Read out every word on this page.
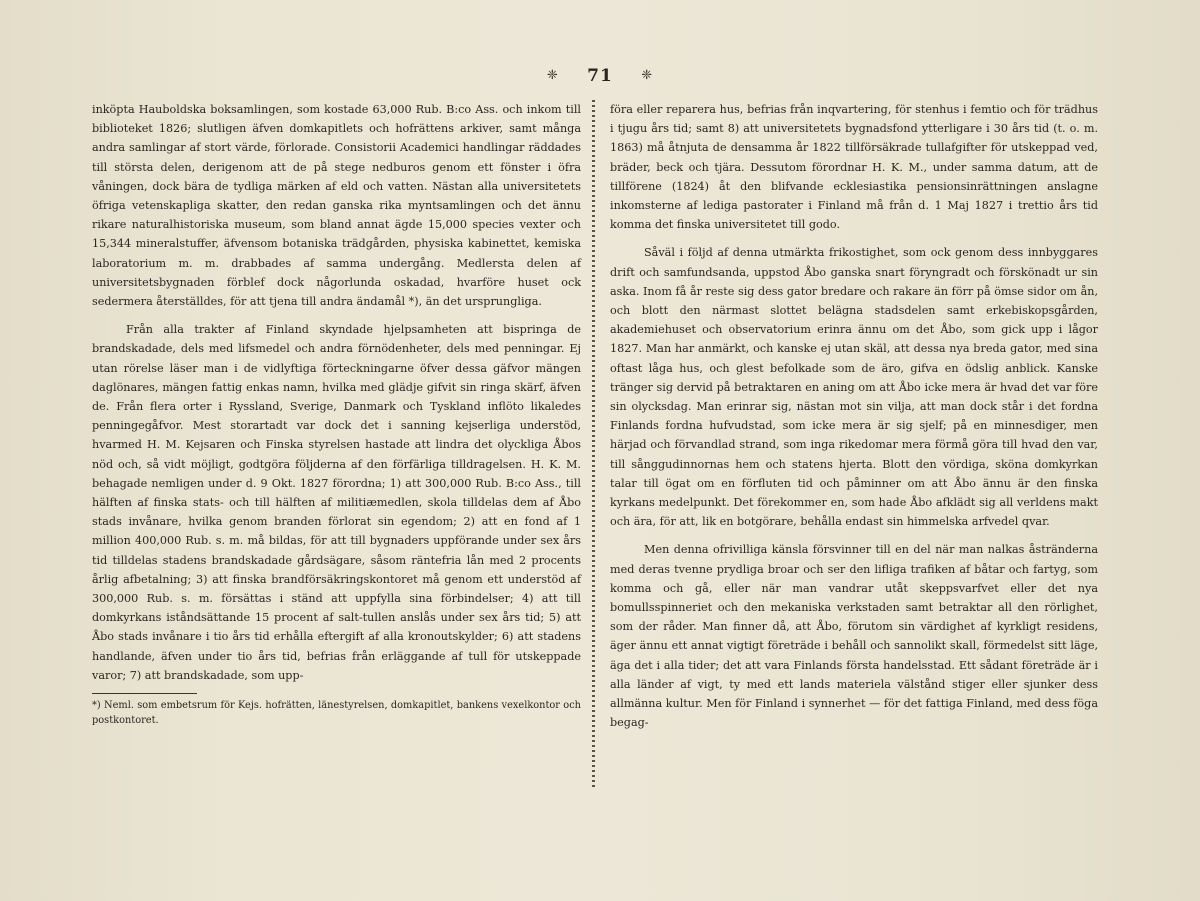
❈ 71 ❈

inköpta Hauboldska boksamlingen, som kostade 63,000 Rub. B:co Ass. och inkom till biblioteket 1826; slutligen äfven domkapitlets och hofrättens arkiver, samt många andra samlingar af stort värde, förlorade. Consistorii Academici handlingar räddades till största delen, derigenom att de på stege nedburos genom ett fönster i öfra våningen, dock bära de tydliga märken af eld och vatten. Nästan alla universitetets öfriga vetenskapliga skatter, den redan ganska rika myntsamlingen och det ännu rikare naturalhistoriska museum, som bland annat ägde 15,000 species vexter och 15,344 mineralstuffer, äfvensom botaniska trädgården, physiska kabinettet, kemiska laboratorium m. m. drabbades af samma undergång. Medlersta delen af universitetsbygnaden förblef dock någorlunda oskadad, hvarföre huset ock sedermera återställdes, för att tjena till andra ändamål *), än det ursprungliga.

Från alla trakter af Finland skyndade hjelpsamheten att bispringa de brandskadade, dels med lifsmedel och andra förnödenheter, dels med penningar. Ej utan rörelse läser man i de vidlyftiga förteckningarne öfver dessa gäfvor mängen daglönares, mängen fattig enkas namn, hvilka med glädje gifvit sin ringa skärf, äfven de. Från flera orter i Ryssland, Sverige, Danmark och Tyskland inflöto likaledes penningegåfvor. Mest storartadt var dock det i sanning kejserliga understöd, hvarmed H. M. Kejsaren och Finska styrelsen hastade att lindra det olyckliga Åbos nöd och, så vidt möjligt, godtgöra följderna af den förfärliga tilldragelsen. H. K. M. behagade nemligen under d. 9 Okt. 1827 förordna; 1) att 300,000 Rub. B:co Ass., till hälften af finska stats- och till hälften af militiæmedlen, skola tilldelas dem af Åbo stads invånare, hvilka genom branden förlorat sin egendom; 2) att en fond af 1 million 400,000 Rub. s. m. må bildas, för att till bygnaders uppförande under sex års tid tilldelas stadens brandskadade gårdsägare, såsom räntefria lån med 2 procents årlig afbetalning; 3) att finska brandförsäkringskontoret må genom ett understöd af 300,000 Rub. s. m. försättas i ständ att uppfylla sina förbindelser; 4) att till domkyrkans iståndsättande 15 procent af salt-tullen anslås under sex års tid; 5) att Åbo stads invånare i tio års tid erhålla eftergift af alla kronoutskylder; 6) att stadens handlande, äfven under tio års tid, befrias från erläggande af tull för utskeppade varor; 7) att brandskadade, som upp-

*) Neml. som embetsrum för Kejs. hofrätten, länestyrelsen, domkapitlet, bankens vexelkontor och postkontoret.

föra eller reparera hus, befrias från inqvartering, för stenhus i femtio och för trädhus i tjugu års tid; samt 8) att universitetets bygnadsfond ytterligare i 30 års tid (t. o. m. 1863) må åtnjuta de densamma år 1822 tillförsäkrade tullafgifter för utskeppad ved, bräder, beck och tjära. Dessutom förordnar H. K. M., under samma datum, att de tillförene (1824) åt den blifvande ecklesiastika pensionsinrättningen anslagne inkomsterne af lediga pastorater i Finland må från d. 1 Maj 1827 i trettio års tid komma det finska universitetet till godo.

Såväl i följd af denna utmärkta frikostighet, som ock genom dess innbyggares drift och samfundsanda, uppstod Åbo ganska snart föryngradt och förskönadt ur sin aska. Inom få år reste sig dess gator bredare och rakare än förr på ömse sidor om ån, och blott den närmast slottet belägna stadsdelen samt erkebiskopsgården, akademiehuset och observatorium erinra ännu om det Åbo, som gick upp i lågor 1827. Man har anmärkt, och kanske ej utan skäl, att dessa nya breda gator, med sina oftast låga hus, och glest befolkade som de äro, gifva en ödslig anblick. Kanske tränger sig dervid på betraktaren en aning om att Åbo icke mera är hvad det var före sin olycksdag. Man erinrar sig, nästan mot sin vilja, att man dock står i det fordna Finlands fordna hufvudstad, som icke mera är sig sjelf; på en minnesdiger, men härjad och förvandlad strand, som inga rikedomar mera förmå göra till hvad den var, till sånggudinnornas hem och statens hjerta. Blott den vördiga, sköna domkyrkan talar till ögat om en förfluten tid och påminner om att Åbo ännu är den finska kyrkans medelpunkt. Det förekommer en, som hade Åbo afklädt sig all verldens makt och ära, för att, lik en botgörare, behålla endast sin himmelska arfvedel qvar.

Men denna ofrivilliga känsla försvinner till en del när man nalkas åstränderna med deras tvenne prydliga broar och ser den lifliga trafiken af båtar och fartyg, som komma och gå, eller när man vandrar utåt skeppsvarfvet eller det nya bomullsspinneriet och den mekaniska verkstaden samt betraktar all den rörlighet, som der råder. Man finner då, att Åbo, förutom sin värdighet af kyrkligt residens, äger ännu ett annat vigtigt företräde i behåll och sannolikt skall, förmedelst sitt läge, äga det i alla tider; det att vara Finlands första handelsstad. Ett sådant företräde är i alla länder af vigt, ty med ett lands materiela välstånd stiger eller sjunker dess allmänna kultur. Men för Finland i synnerhet — för det fattiga Finland, med dess föga begag-
